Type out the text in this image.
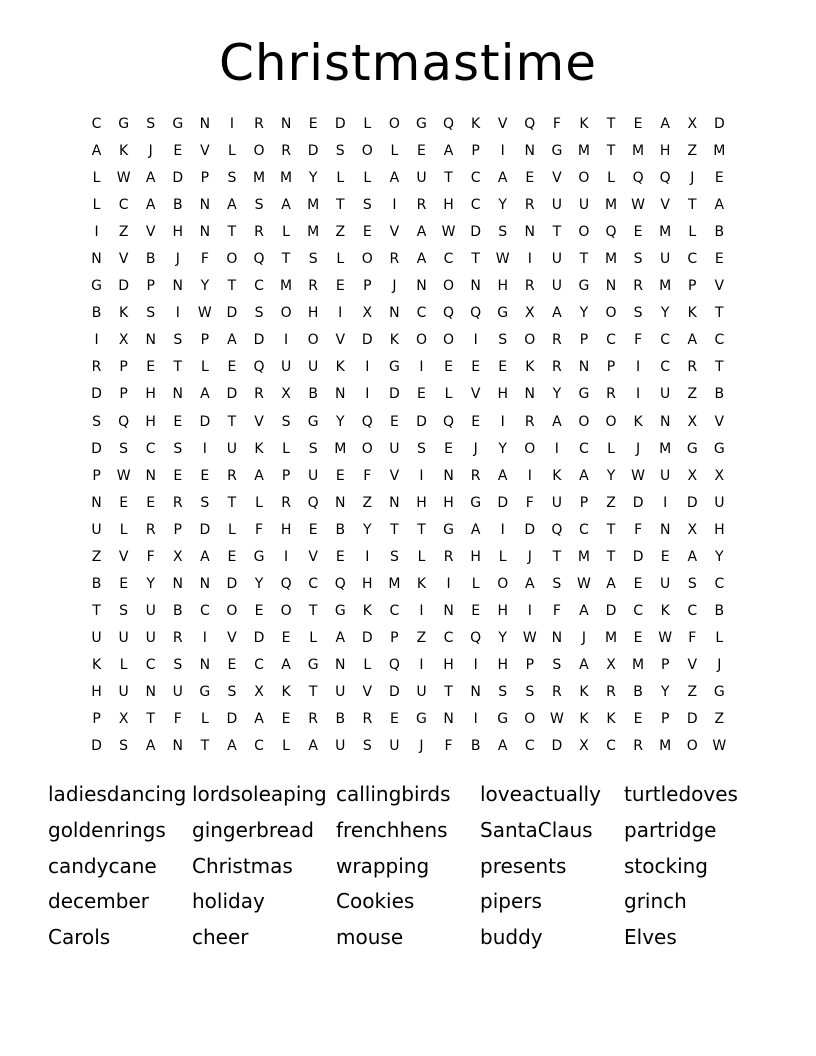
Christmastime
C	G	S	G	N	I	R	N	E	D	L	O	G	Q	K	V	Q	F	K	T	E	A	X	D
A	K	J	E	V	L	O	R	D	S	O	L	E	A	P	I	N	G	M	T	M	H	Z	M
L	W	A	D	P	S	M	M	Y	L	L	A	U	T	C	A	E	V	O	L	Q	Q	J	E
L	C	A	B	N	A	S	A	M	T	S	I	R	H	C	Y	R	U	U	M	W	V	T	A
I	Z	V	H	N	T	R	L	M	Z	E	V	A	W	D	S	N	T	O	Q	E	M	L	B
N	V	B	J	F	O	Q	T	S	L	O	R	A	C	T	W	I	U	T	M	S	U	C	E
G	D	P	N	Y	T	C	M	R	E	P	J	N	O	N	H	R	U	G	N	R	M	P	V
B	K	S	I	W	D	S	O	H	I	X	N	C	Q	Q	G	X	A	Y	O	S	Y	K	T
I	X	N	S	P	A	D	I	O	V	D	K	O	O	I	S	O	R	P	C	F	C	A	C
R	P	E	T	L	E	Q	U	U	K	I	G	I	E	E	E	K	R	N	P	I	C	R	T
D	P	H	N	A	D	R	X	B	N	I	D	E	L	V	H	N	Y	G	R	I	U	Z	B
S	Q	H	E	D	T	V	S	G	Y	Q	E	D	Q	E	I	R	A	O	O	K	N	X	V
D	S	C	S	I	U	K	L	S	M	O	U	S	E	J	Y	O	I	C	L	J	M	G	G
P	W	N	E	E	R	A	P	U	E	F	V	I	N	R	A	I	K	A	Y	W	U	X	X
N	E	E	R	S	T	L	R	Q	N	Z	N	H	H	G	D	F	U	P	Z	D	I	D	U
U	L	R	P	D	L	F	H	E	B	Y	T	T	G	A	I	D	Q	C	T	F	N	X	H
Z	V	F	X	A	E	G	I	V	E	I	S	L	R	H	L	J	T	M	T	D	E	A	Y
B	E	Y	N	N	D	Y	Q	C	Q	H	M	K	I	L	O	A	S	W	A	E	U	S	C
T	S	U	B	C	O	E	O	T	G	K	C	I	N	E	H	I	F	A	D	C	K	C	B
U	U	U	R	I	V	D	E	L	A	D	P	Z	C	Q	Y	W	N	J	M	E	W	F	L
K	L	C	S	N	E	C	A	G	N	L	Q	I	H	I	H	P	S	A	X	M	P	V	J
H	U	N	U	G	S	X	K	T	U	V	D	U	T	N	S	S	R	K	R	B	Y	Z	G
P	X	T	F	L	D	A	E	R	B	R	E	G	N	I	G	O	W	K	K	E	P	D	Z
D	S	A	N	T	A	C	L	A	U	S	U	J	F	B	A	C	D	X	C	R	M	O	W
ladiesdancing
goldenrings
candycane
december
Carols
lordsoleaping
gingerbread
Christmas
holiday
cheer
callingbirds
frenchhens
wrapping
Cookies
mouse
loveactually
SantaClaus
presents
pipers
buddy
turtledoves
partridge
stocking
grinch
Elves
